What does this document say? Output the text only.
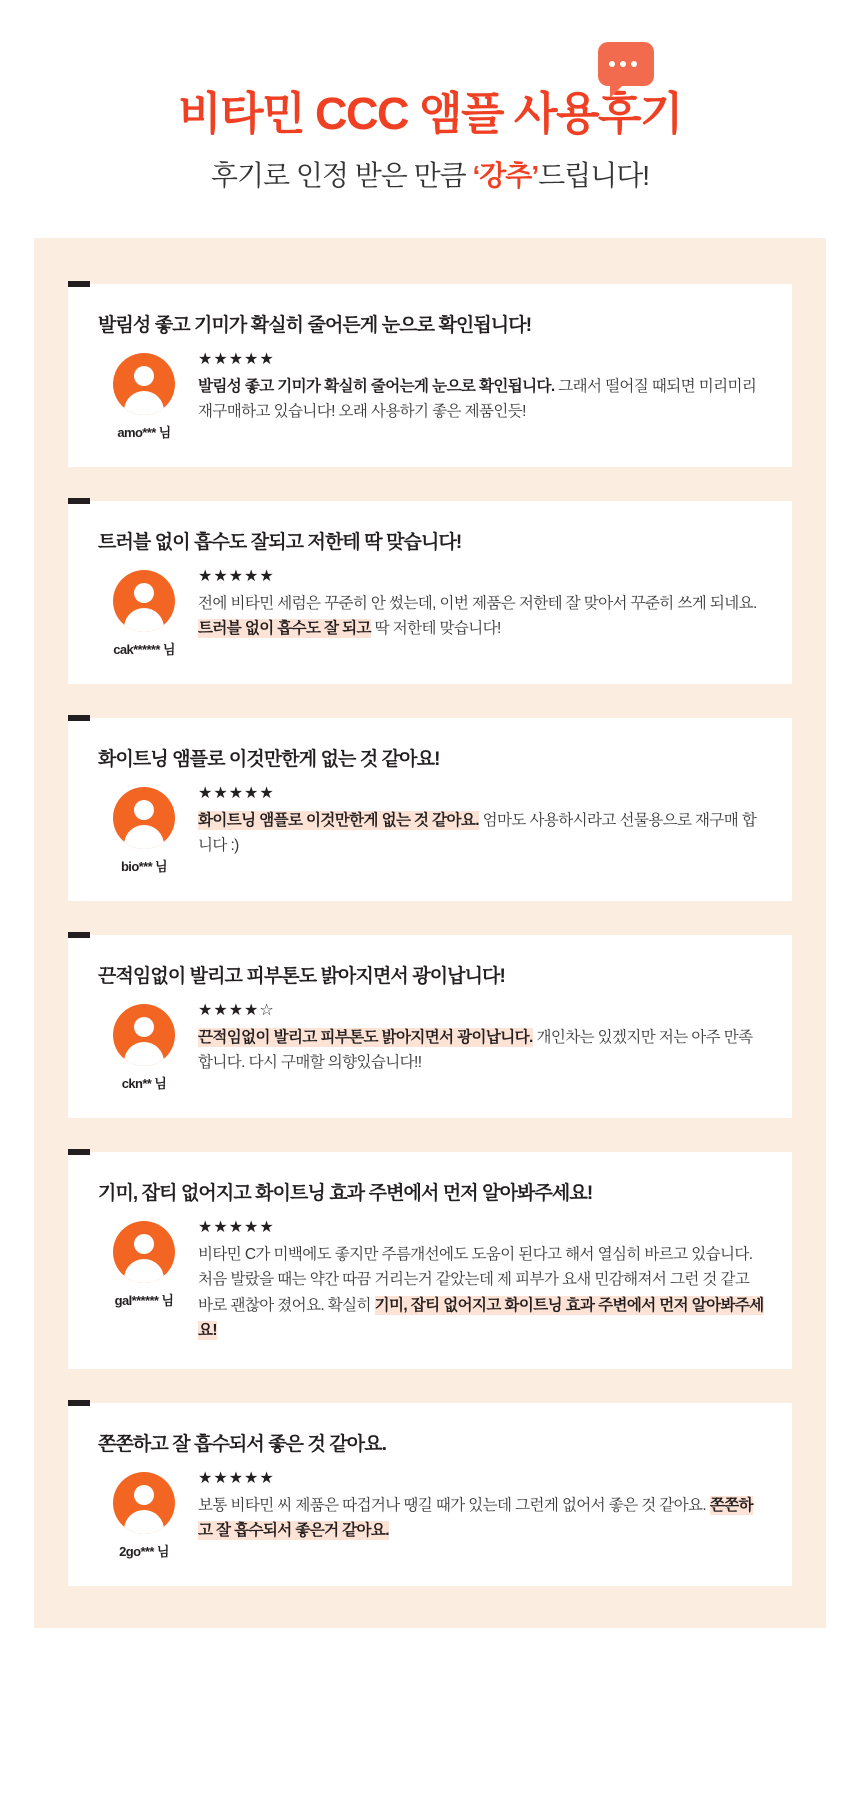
비타민 CCC 앰플 사용후기

후기로 인정 받은 만큼 ‘강추’드립니다!

발림성 좋고 기미가 확실히 줄어든게 눈으로 확인됩니다!
amo*** 님
★★★★★
발림성 좋고 기미가 확실히 줄어는게 눈으로 확인됩니다. 그래서 떨어질 때되면 미리미리 재구매하고 있습니다! 오래 사용하기 좋은 제품인듯!
트러블 없이 흡수도 잘되고 저한테 딱 맞습니다!
cak****** 님
★★★★★
전에 비타민 세럼은 꾸준히 안 썼는데, 이번 제품은 저한테 잘 맞아서 꾸준히 쓰게 되네요. 트러블 없이 흡수도 잘 되고 딱 저한테 맞습니다!
화이트닝 앰플로 이것만한게 없는 것 같아요!
bio*** 님
★★★★★
화이트닝 앰플로 이것만한게 없는 것 같아요. 엄마도 사용하시라고 선물용으로 재구매 합니다 :)
끈적임없이 발리고 피부톤도 밝아지면서 광이납니다!
ckn** 님
★★★★☆
끈적임없이 발리고 피부톤도 밝아지면서 광이납니다. 개인차는 있겠지만 저는 아주 만족합니다. 다시 구매할 의향있습니다!!
기미, 잡티 없어지고 화이트닝 효과 주변에서 먼저 알아봐주세요!
gal****** 님
★★★★★
비타민 C가 미백에도 좋지만 주름개선에도 도움이 된다고 해서 열심히 바르고 있습니다. 처음 발랐을 때는 약간 따끔 거리는거 같았는데 제 피부가 요새 민감해져서 그런 것 같고 바로 괜찮아 졌어요. 확실히 기미, 잡티 없어지고 화이트닝 효과 주변에서 먼저 알아봐주세요!
쫀쫀하고 잘 흡수되서 좋은 것 같아요.
2go*** 님
★★★★★
보통 비타민 씨 제품은 따겁거나 땡길 때가 있는데 그런게 없어서 좋은 것 같아요. 쫀쫀하고 잘 흡수되서 좋은거 같아요.
